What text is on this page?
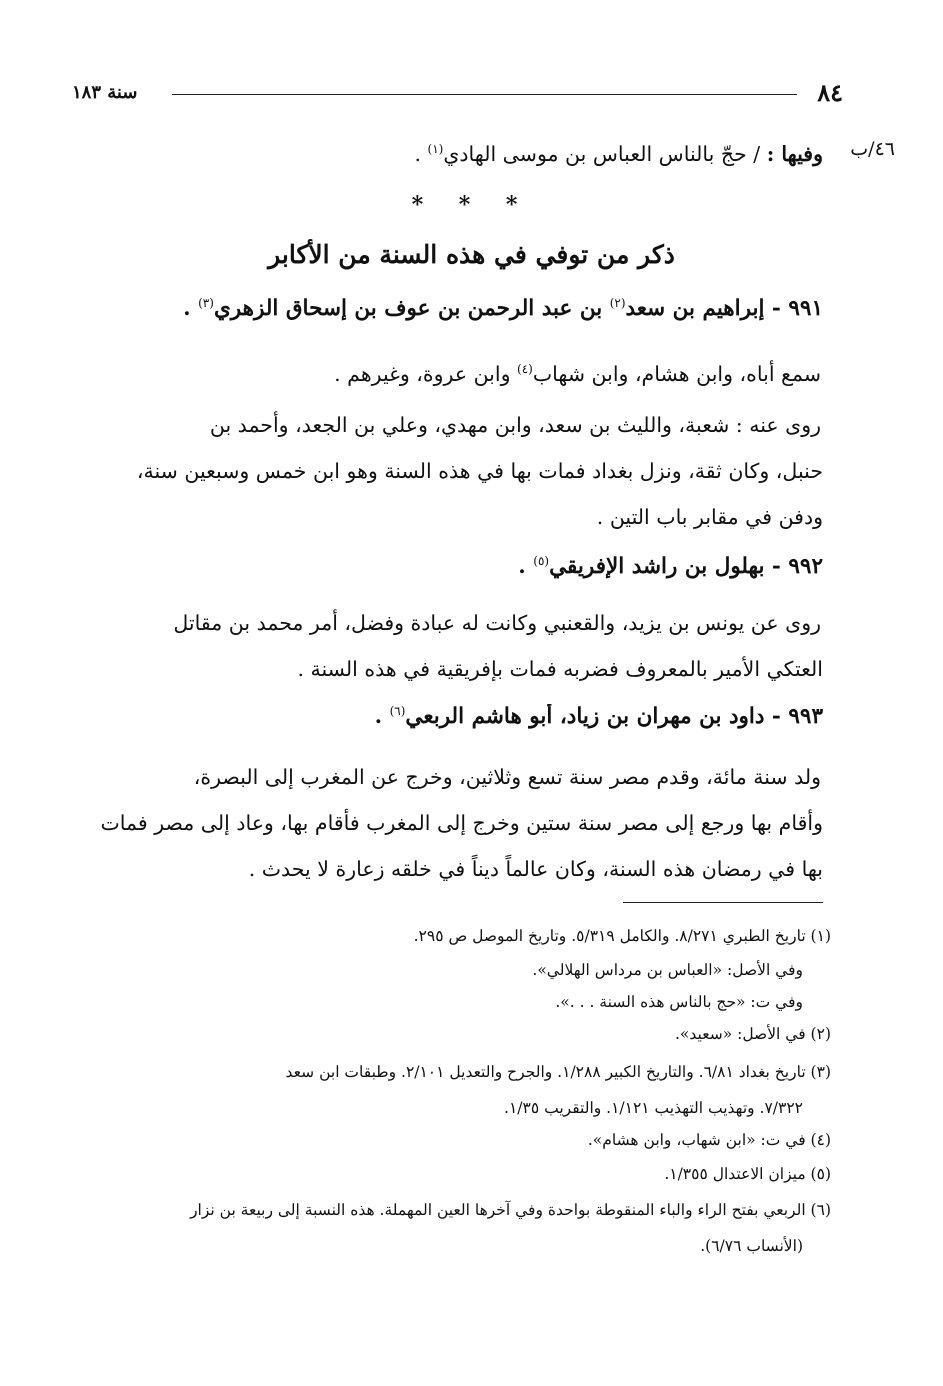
٨٤
سنة ١٨٣
٤٦/ب
وفيها : / حجّ بالناس العباس بن موسى الهادي$^{(١)}$ .
* * *
ذكر من توفي في هذه السنة من الأكابر
٩٩١ - إبراهيم بن سعد$^{(٢)}$ بن عبد الرحمن بن عوف بن إسحاق الزهري$^{(٣)}$ .
سمع أباه، وابن هشام، وابن شهاب$^{(٤)}$ وابن عروة، وغيرهم .
روى عنه : شعبة، والليث بن سعد، وابن مهدي، وعلي بن الجعد، وأحمد بن
حنبل، وكان ثقة، ونزل بغداد فمات بها في هذه السنة وهو ابن خمس وسبعين سنة،
ودفن في مقابر باب التين .
٩٩٢ - بهلول بن راشد الإفريقي$^{(٥)}$ .
روى عن يونس بن يزيد، والقعنبي وكانت له عبادة وفضل، أمر محمد بن مقاتل
العتكي الأمير بالمعروف فضربه فمات بإفريقية في هذه السنة .
٩٩٣ - داود بن مهران بن زياد، أبو هاشم الربعي$^{(٦)}$ .
ولد سنة مائة، وقدم مصر سنة تسع وثلاثين، وخرج عن المغرب إلى البصرة،
وأقام بها ورجع إلى مصر سنة ستين وخرج إلى المغرب فأقام بها، وعاد إلى مصر فمات
بها في رمضان هذه السنة، وكان عالماً ديناً في خلقه زعارة لا يحدث .
(١) تاريخ الطبري ٨/٢٧١. والكامل ٥/٣١٩. وتاريخ الموصل ص ٢٩٥.
وفي الأصل: «العباس بن مرداس الهلالي».
وفي ت: «حج بالناس هذه السنة . . .».
(٢) في الأصل: «سعيد».
(٣) تاريخ بغداد ٦/٨١. والتاريخ الكبير ١/٢٨٨. والجرح والتعديل ٢/١٠١. وطبقات ابن سعد
٧/٣٢٢. وتهذيب التهذيب ١/١٢١. والتقريب ١/٣٥.
(٤) في ت: «ابن شهاب، وابن هشام».
(٥) ميزان الاعتدال ١/٣٥٥.
(٦) الربعي بفتح الراء والباء المنقوطة بواحدة وفي آخرها العين المهملة. هذه النسبة إلى ربيعة بن نزار
(الأنساب ٦/٧٦).
